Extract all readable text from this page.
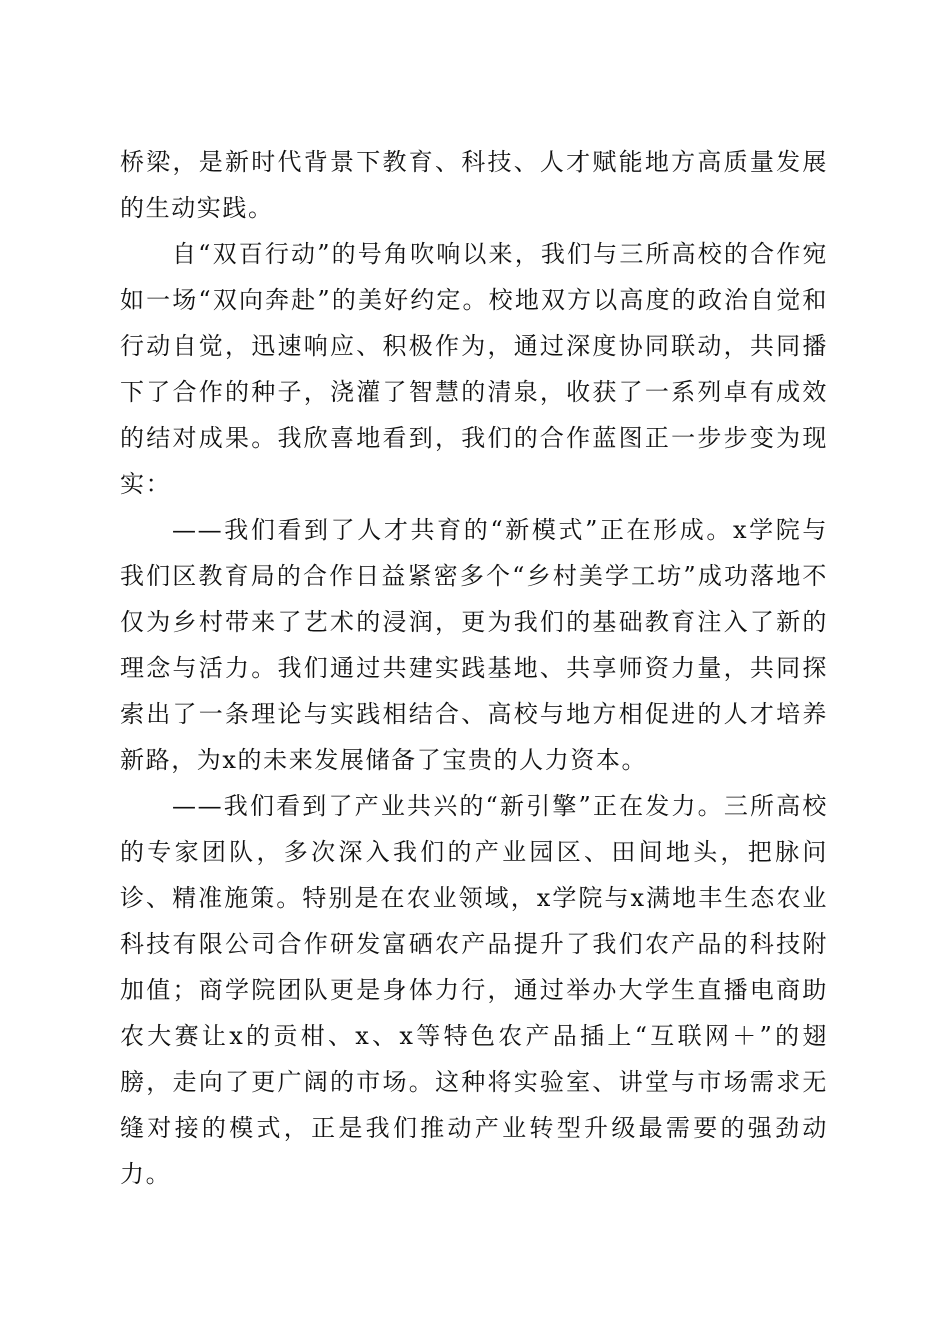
桥梁，是新时代背景下教育、科技、人才赋能地方高质量发展的生动实践。

自“双百行动”的号角吹响以来，我们与三所高校的合作宛如一场“双向奔赴”的美好约定。校地双方以高度的政治自觉和行动自觉，迅速响应、积极作为，通过深度协同联动，共同播下了合作的种子，浇灌了智慧的清泉，收获了一系列卓有成效的结对成果。我欣喜地看到，我们的合作蓝图正一步步变为现实：

——我们看到了人才共育的“新模式”正在形成。x学院与我们区教育局的合作日益紧密多个“乡村美学工坊”成功落地不仅为乡村带来了艺术的浸润，更为我们的基础教育注入了新的理念与活力。我们通过共建实践基地、共享师资力量，共同探索出了一条理论与实践相结合、高校与地方相促进的人才培养新路，为x的未来发展储备了宝贵的人力资本。

——我们看到了产业共兴的“新引擎”正在发力。三所高校的专家团队，多次深入我们的产业园区、田间地头，把脉问诊、精准施策。特别是在农业领域，x学院与x满地丰生态农业科技有限公司合作研发富硒农产品提升了我们农产品的科技附加值；商学院团队更是身体力行，通过举办大学生直播电商助农大赛让x的贡柑、x、x等特色农产品插上“互联网＋”的翅膀，走向了更广阔的市场。这种将实验室、讲堂与市场需求无缝对接的模式，正是我们推动产业转型升级最需要的强劲动力。
